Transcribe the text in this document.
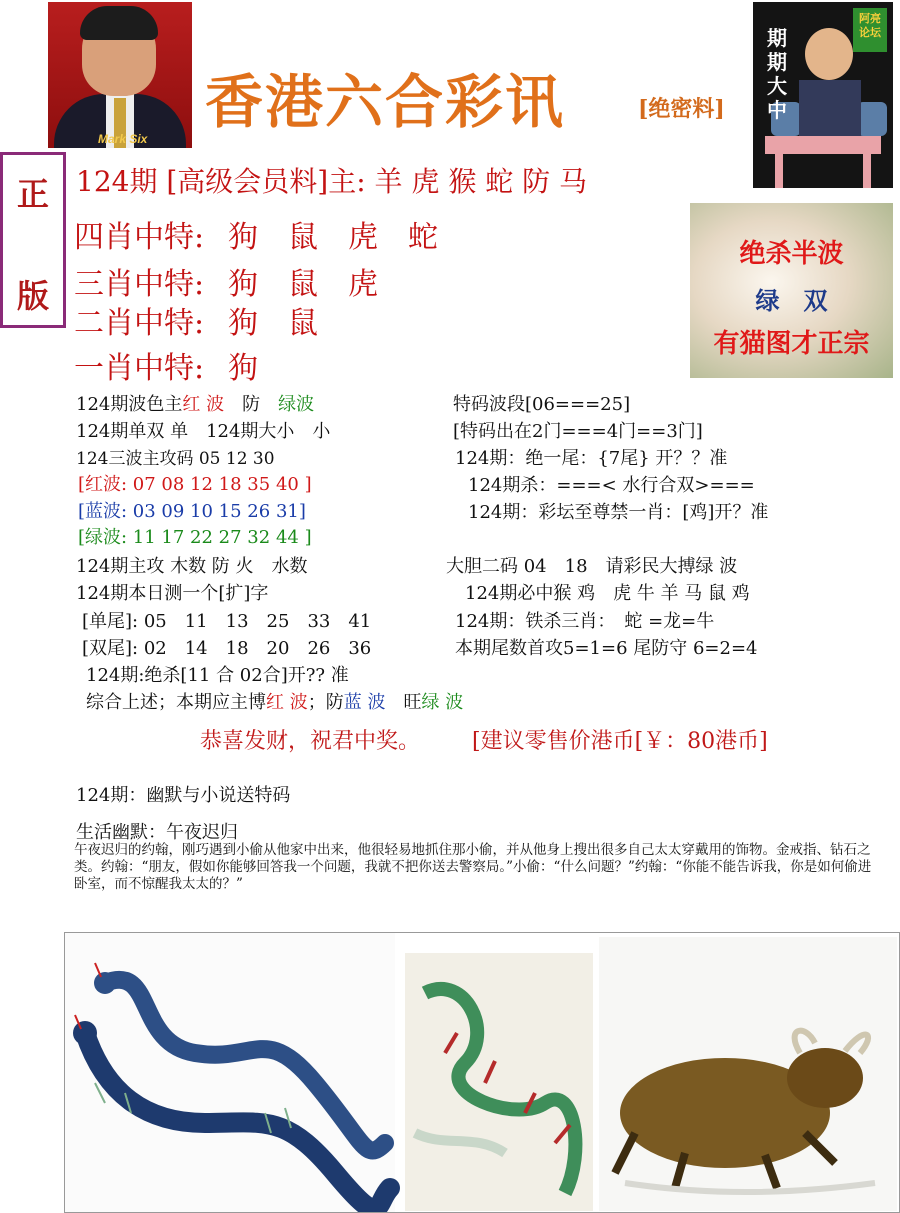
Mark Six
香港六合彩讯	[绝密料]
阿亮 论坛
期期大中
正
版
124期 [高级会员料]主: 羊 虎 猴 蛇 防 马
四肖中特: 狗　鼠　虎　蛇
三肖中特: 狗　鼠　虎
二肖中特: 狗　鼠
一肖中特: 狗
绝杀半波
绿　双
有猫图才正宗
124期波色主红 波　防　绿波
124期单双 单　124期大小　小
124三波主攻码 05 12 30
[红波: 07 08 12 18 35 40 ]
[蓝波: 03 09 10 15 26 31]
[绿波: 11 17 22 27 32 44 ]
124期主攻 木数 防 火　水数
124期本日测一个[扩]字
[单尾]: 05　11　13　25　33　41
[双尾]: 02　14　18　20　26　36
124期:绝杀[11 合 02合]开?? 准
综合上述；本期应主博红 波；防蓝 波　旺绿 波
特码波段[06===25]
[特码出在2门===4门==3门]
124期：绝一尾：{7尾} 开？？准
124期杀：===< 水行合双>===
124期：彩坛至尊禁一肖：[鸡]开？准
大胆二码 04　18　请彩民大搏绿 波
124期必中猴 鸡　虎 牛 羊 马 鼠 鸡
124期：铁杀三肖：　蛇 =龙=牛
本期尾数首攻5=1=6 尾防守 6=2=4
恭喜发财，祝君中奖。 [建议零售价港币[￥：80港币]
124期：幽默与小说送特码
生活幽默：午夜迟归
午夜迟归的约翰，刚巧遇到小偷从他家中出来，他很轻易地抓住那小偷，并从他身上搜出很多自己太太穿戴用的饰物。金戒指、钻石之类。约翰：“朋友，假如你能够回答我一个问题，我就不把你送去警察局。”小偷：“什么问题？”约翰：“你能不能告诉我，你是如何偷进卧室，而不惊醒我太太的？”
